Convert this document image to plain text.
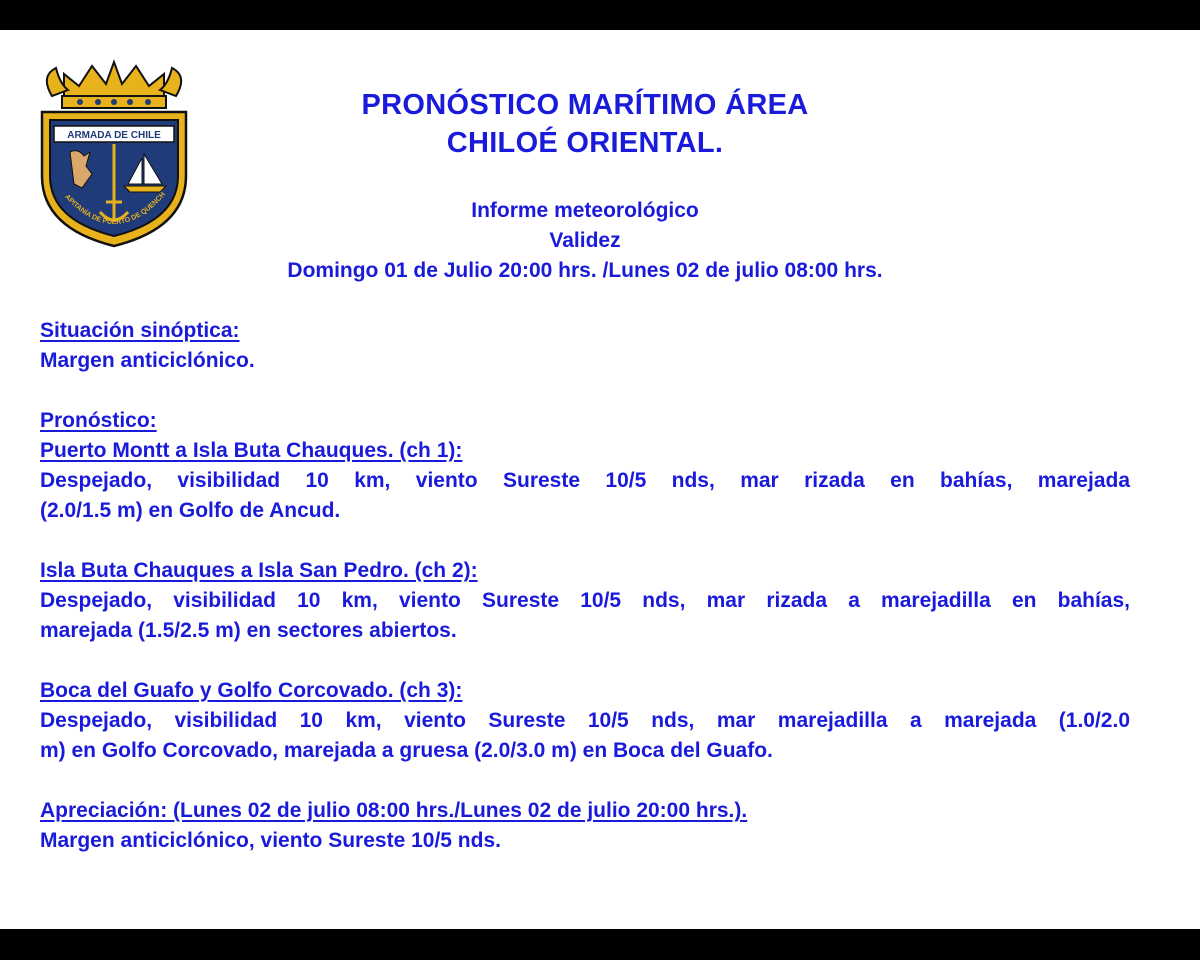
ARMADA DE CHILE
APITANÍA DE PUERTO DE QUENCH
PRONÓSTICO MARÍTIMO ÁREA
CHILOÉ ORIENTAL.
Informe meteorológico
Validez
Domingo 01 de Julio 20:00 hrs. /Lunes 02 de julio 08:00 hrs.

Situación sinóptica:

Margen anticiclónico.

Pronóstico:

Puerto Montt a Isla Buta Chauques. (ch 1):

Despejado, visibilidad 10 km, viento Sureste 10/5 nds, mar rizada en bahías, marejada

(2.0/1.5 m) en Golfo de Ancud.

Isla Buta Chauques a Isla San Pedro. (ch 2):

Despejado, visibilidad 10 km, viento Sureste 10/5 nds, mar rizada a marejadilla en bahías,

marejada (1.5/2.5 m) en sectores abiertos.

Boca del Guafo y Golfo Corcovado. (ch 3):

Despejado, visibilidad 10 km, viento Sureste 10/5 nds, mar marejadilla a marejada (1.0/2.0

m) en Golfo Corcovado, marejada a gruesa (2.0/3.0 m) en Boca del Guafo.

Apreciación: (Lunes 02 de julio 08:00 hrs./Lunes 02 de julio 20:00 hrs.).

Margen anticiclónico, viento Sureste 10/5 nds.
